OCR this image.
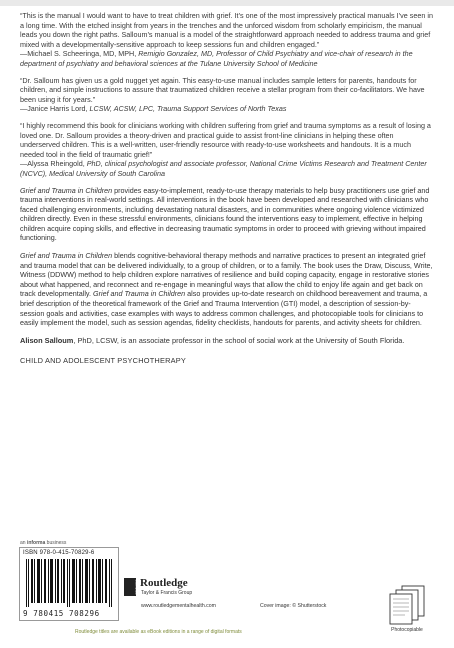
“This is the manual I would want to have to treat children with grief. It’s one of the most impressively practical manuals I’ve seen in a long time. With the etched insight from years in the trenches and the unforced wisdom from scholarly empiricism, the manual leads you down the right paths. Salloum’s manual is a model of the straightforward approach needed to address trauma and grief mixed with a developmentally-sensitive approach to keep sessions fun and children engaged.”

—Michael S. Scheeringa, MD, MPH, Remigio Gonzalez, MD, Professor of Child Psychiatry and vice-chair of research in the department of psychiatry and behavioral sciences at the Tulane University School of Medicine

“Dr. Salloum has given us a gold nugget yet again. This easy-to-use manual includes sample letters for parents, handouts for children, and simple instructions to assure that traumatized children receive a stellar program from their co-facilitators. We have been using it for years.”

—Janice Harris Lord, LCSW, ACSW, LPC, Trauma Support Services of North Texas

“I highly recommend this book for clinicians working with children suffering from grief and trauma symptoms as a result of losing a loved one. Dr. Salloum provides a theory-driven and practical guide to assist front-line clinicians in helping these often underserved children. This is a well-written, user-friendly resource with ready-to-use worksheets and handouts. It is a much needed tool in the field of traumatic grief!”

—Alyssa Rheingold, PhD, clinical psychologist and associate professor, National Crime Victims Research and Treatment Center (NCVC), Medical University of South Carolina

Grief and Trauma in Children provides easy-to-implement, ready-to-use therapy materials to help busy practitioners use grief and trauma interventions in real-world settings. All interventions in the book have been developed and researched with clinicians who faced challenging environments, including devastating natural disasters, and in communities where ongoing violence victimized children directly. Even in these stressful environments, clinicians found the interventions easy to implement, effective in helping children acquire coping skills, and effective in decreasing traumatic symptoms in order to proceed with grieving without impaired functioning.

Grief and Trauma in Children blends cognitive-behavioral therapy methods and narrative practices to present an integrated grief and trauma model that can be delivered individually, to a group of children, or to a family. The book uses the Draw, Discuss, Write, Witness (DDWW) method to help children explore narratives of resilience and build coping capacity, engage in restorative stories about what happened, and reconnect and re-engage in meaningful ways that allow the child to enjoy life again and get back on track developmentally. Grief and Trauma in Children also provides up-to-date research on childhood bereavement and trauma, a brief description of the theoretical framework of the Grief and Trauma Intervention (GTI) model, a description of session-by-session goals and activities, case examples with ways to address common challenges, and photocopiable tools for clinicians to easily implement the model, such as session agendas, fidelity checklists, handouts for parents, and activity sheets for children.

Alison Salloum, PhD, LCSW, is an associate professor in the school of social work at the University of South Florida.

CHILD AND ADOLESCENT PSYCHOTHERAPY

an informa business
ISBN 978-0-415-70829-6
9 780415 708296
ROUTLEDGE Routledge
Taylor & Francis Group
www.routledgementalhealth.com	Cover image: © Shutterstock
Routledge titles are available as eBook editions in a range of digital formats	Photocopiable
